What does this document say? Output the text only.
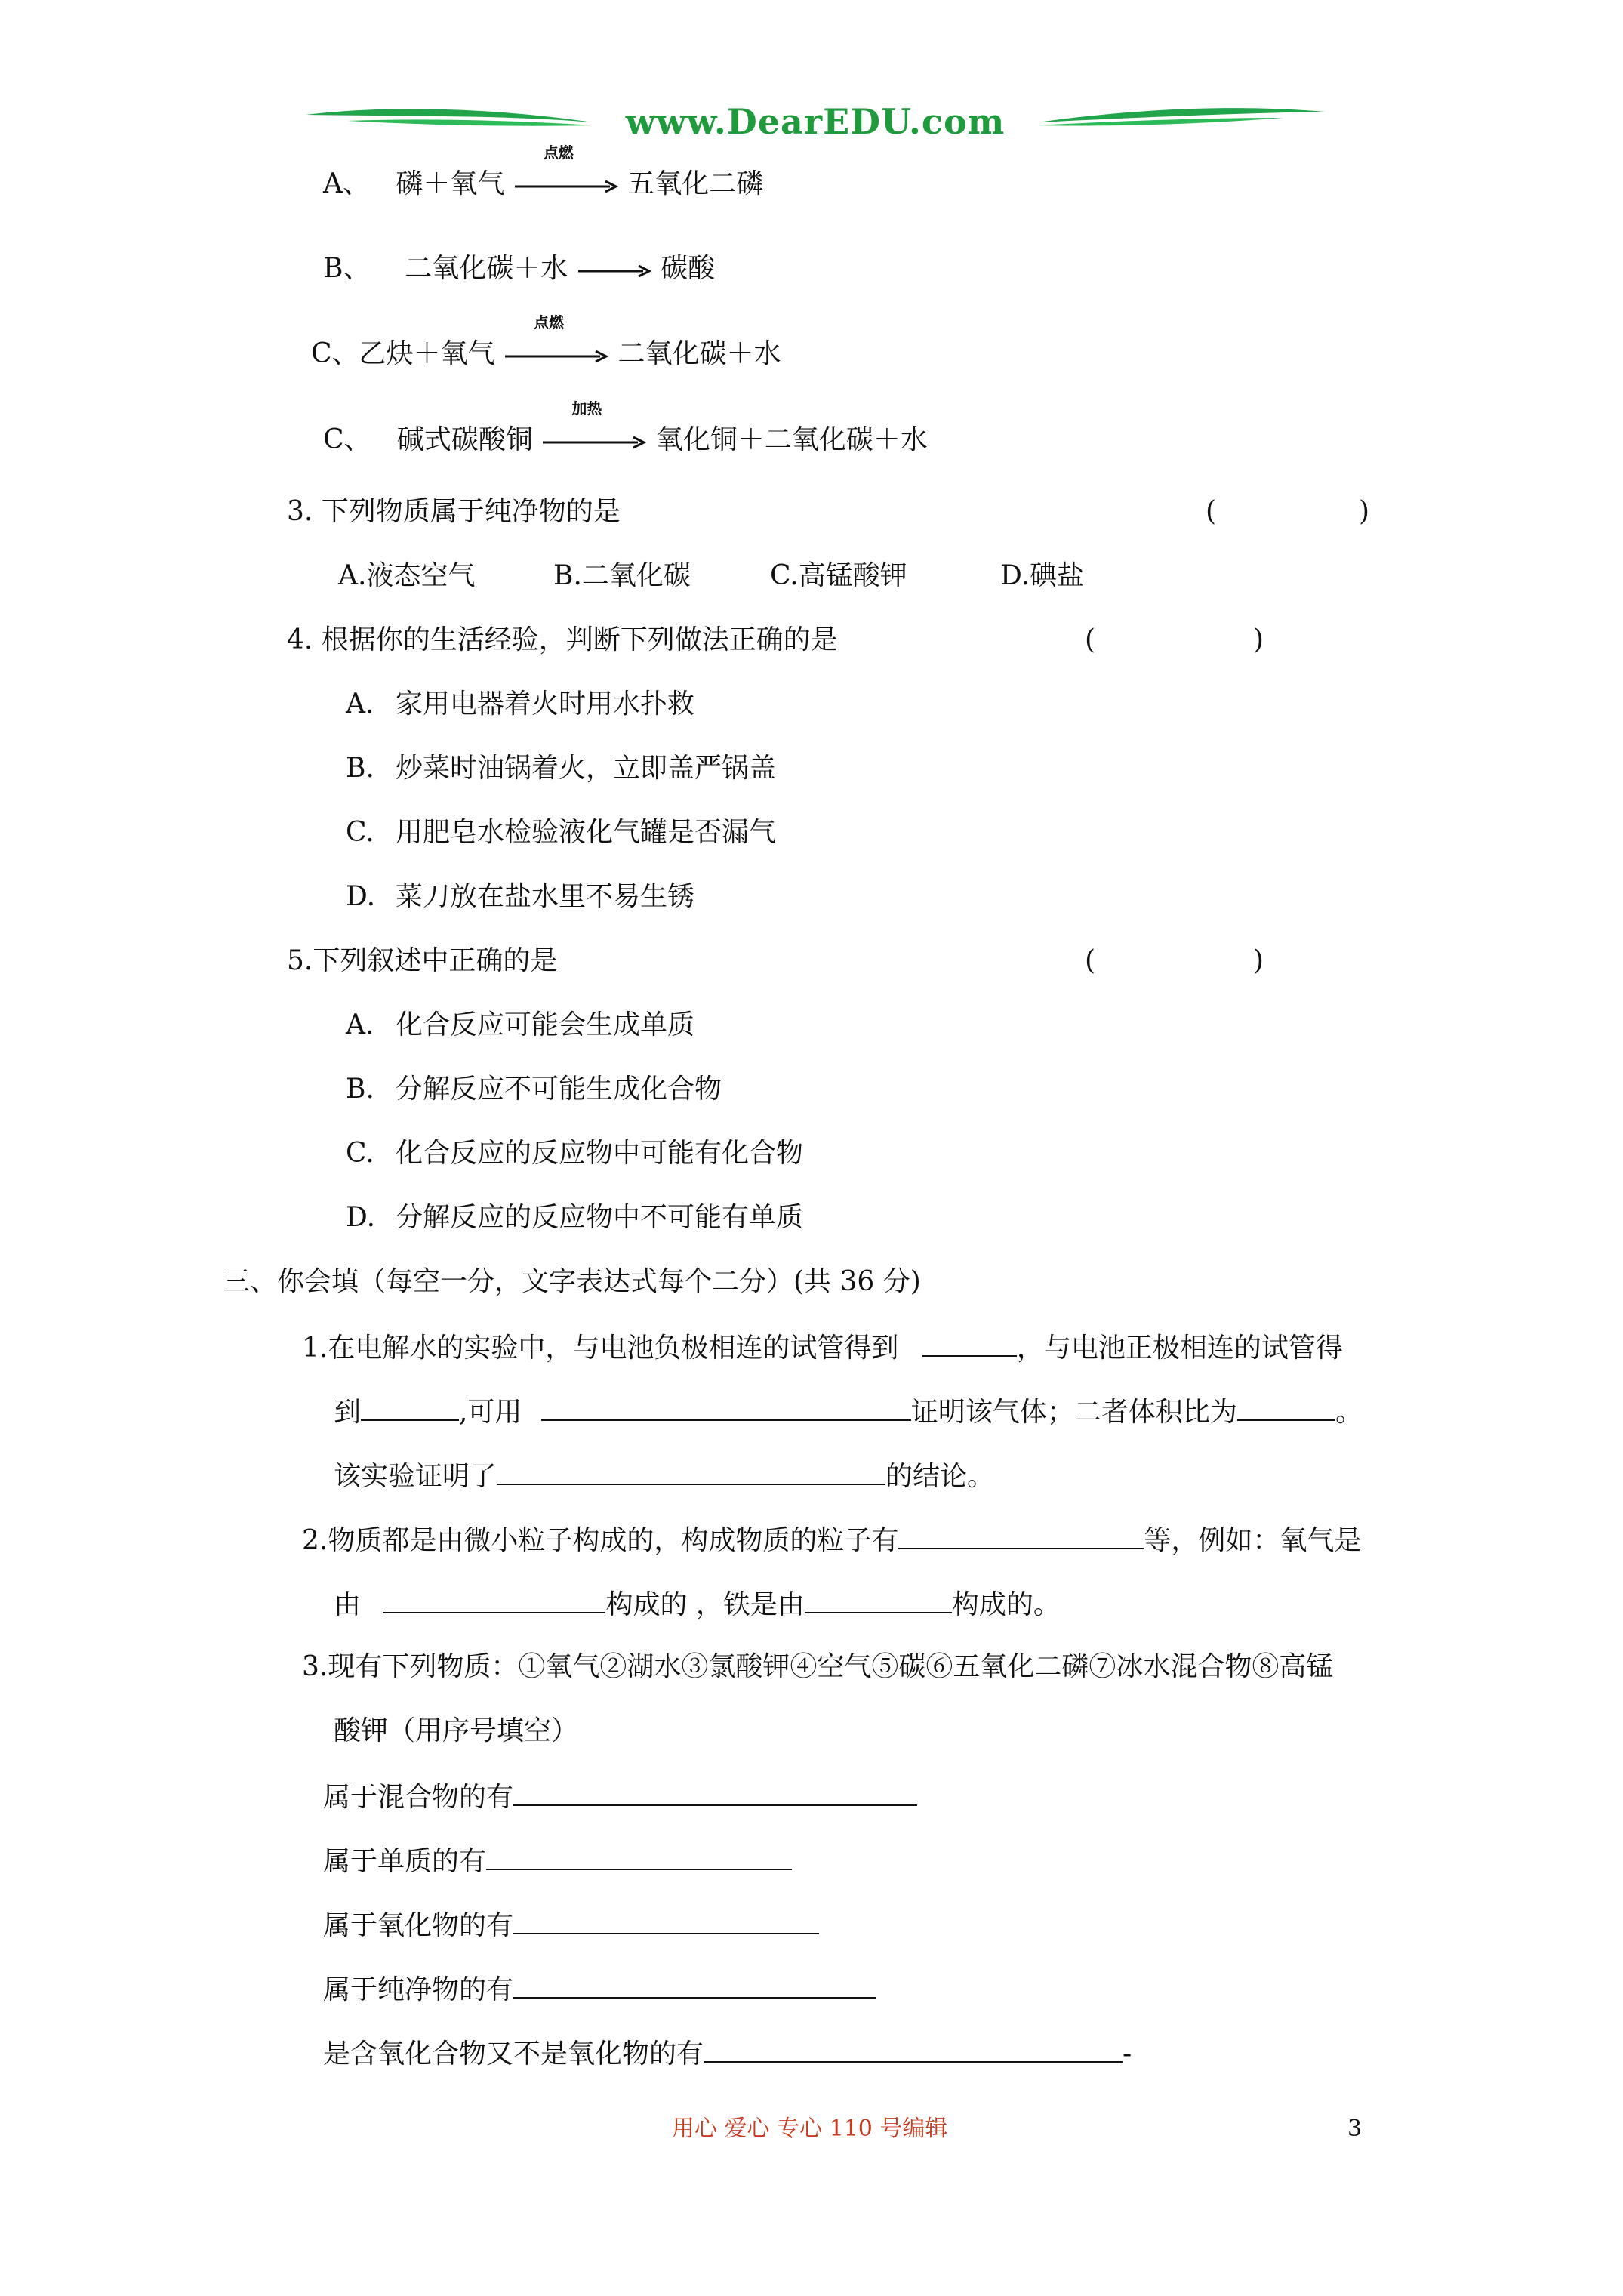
www.DearEDU.com
A、 磷＋氧气
点燃
五氧化二磷
B、 二氧化碳＋水 → 碳酸
C、乙炔＋氧气
点燃
二氧化碳＋水
C、 碱式碳酸铜
加热
氧化铜＋二氧化碳＋水
3. 下列物质属于纯净物的是	(	)
A.液态空气	B.二氧化碳	C.高锰酸钾	D.碘盐
4. 根据你的生活经验，判断下列做法正确的是	(	)
A. 家用电器着火时用水扑救
B. 炒菜时油锅着火，立即盖严锅盖
C. 用肥皂水检验液化气罐是否漏气
D. 菜刀放在盐水里不易生锈
5.下列叙述中正确的是	(	)
A. 化合反应可能会生成单质
B. 分解反应不可能生成化合物
C. 化合反应的反应物中可能有化合物
D. 分解反应的反应物中不可能有单质
三、你会填（每空一分，文字表达式每个二分）(共 36 分)
1.在电解水的实验中，与电池负极相连的试管得到	，与电池正极相连的试管得
到	,可用	证明该气体；二者体积比为	。
该实验证明了	的结论。
2.物质都是由微小粒子构成的，构成物质的粒子有	等，例如：氧气是
由	构成的 ，铁是由	构成的。
3.现有下列物质：①氧气②湖水③氯酸钾④空气⑤碳⑥五氧化二磷⑦冰水混合物⑧高锰
酸钾（用序号填空）
属于混合物的有
属于单质的有
属于氧化物的有
属于纯净物的有
是含氧化合物又不是氧化物的有	-
用心 爱心 专心 110 号编辑	3
